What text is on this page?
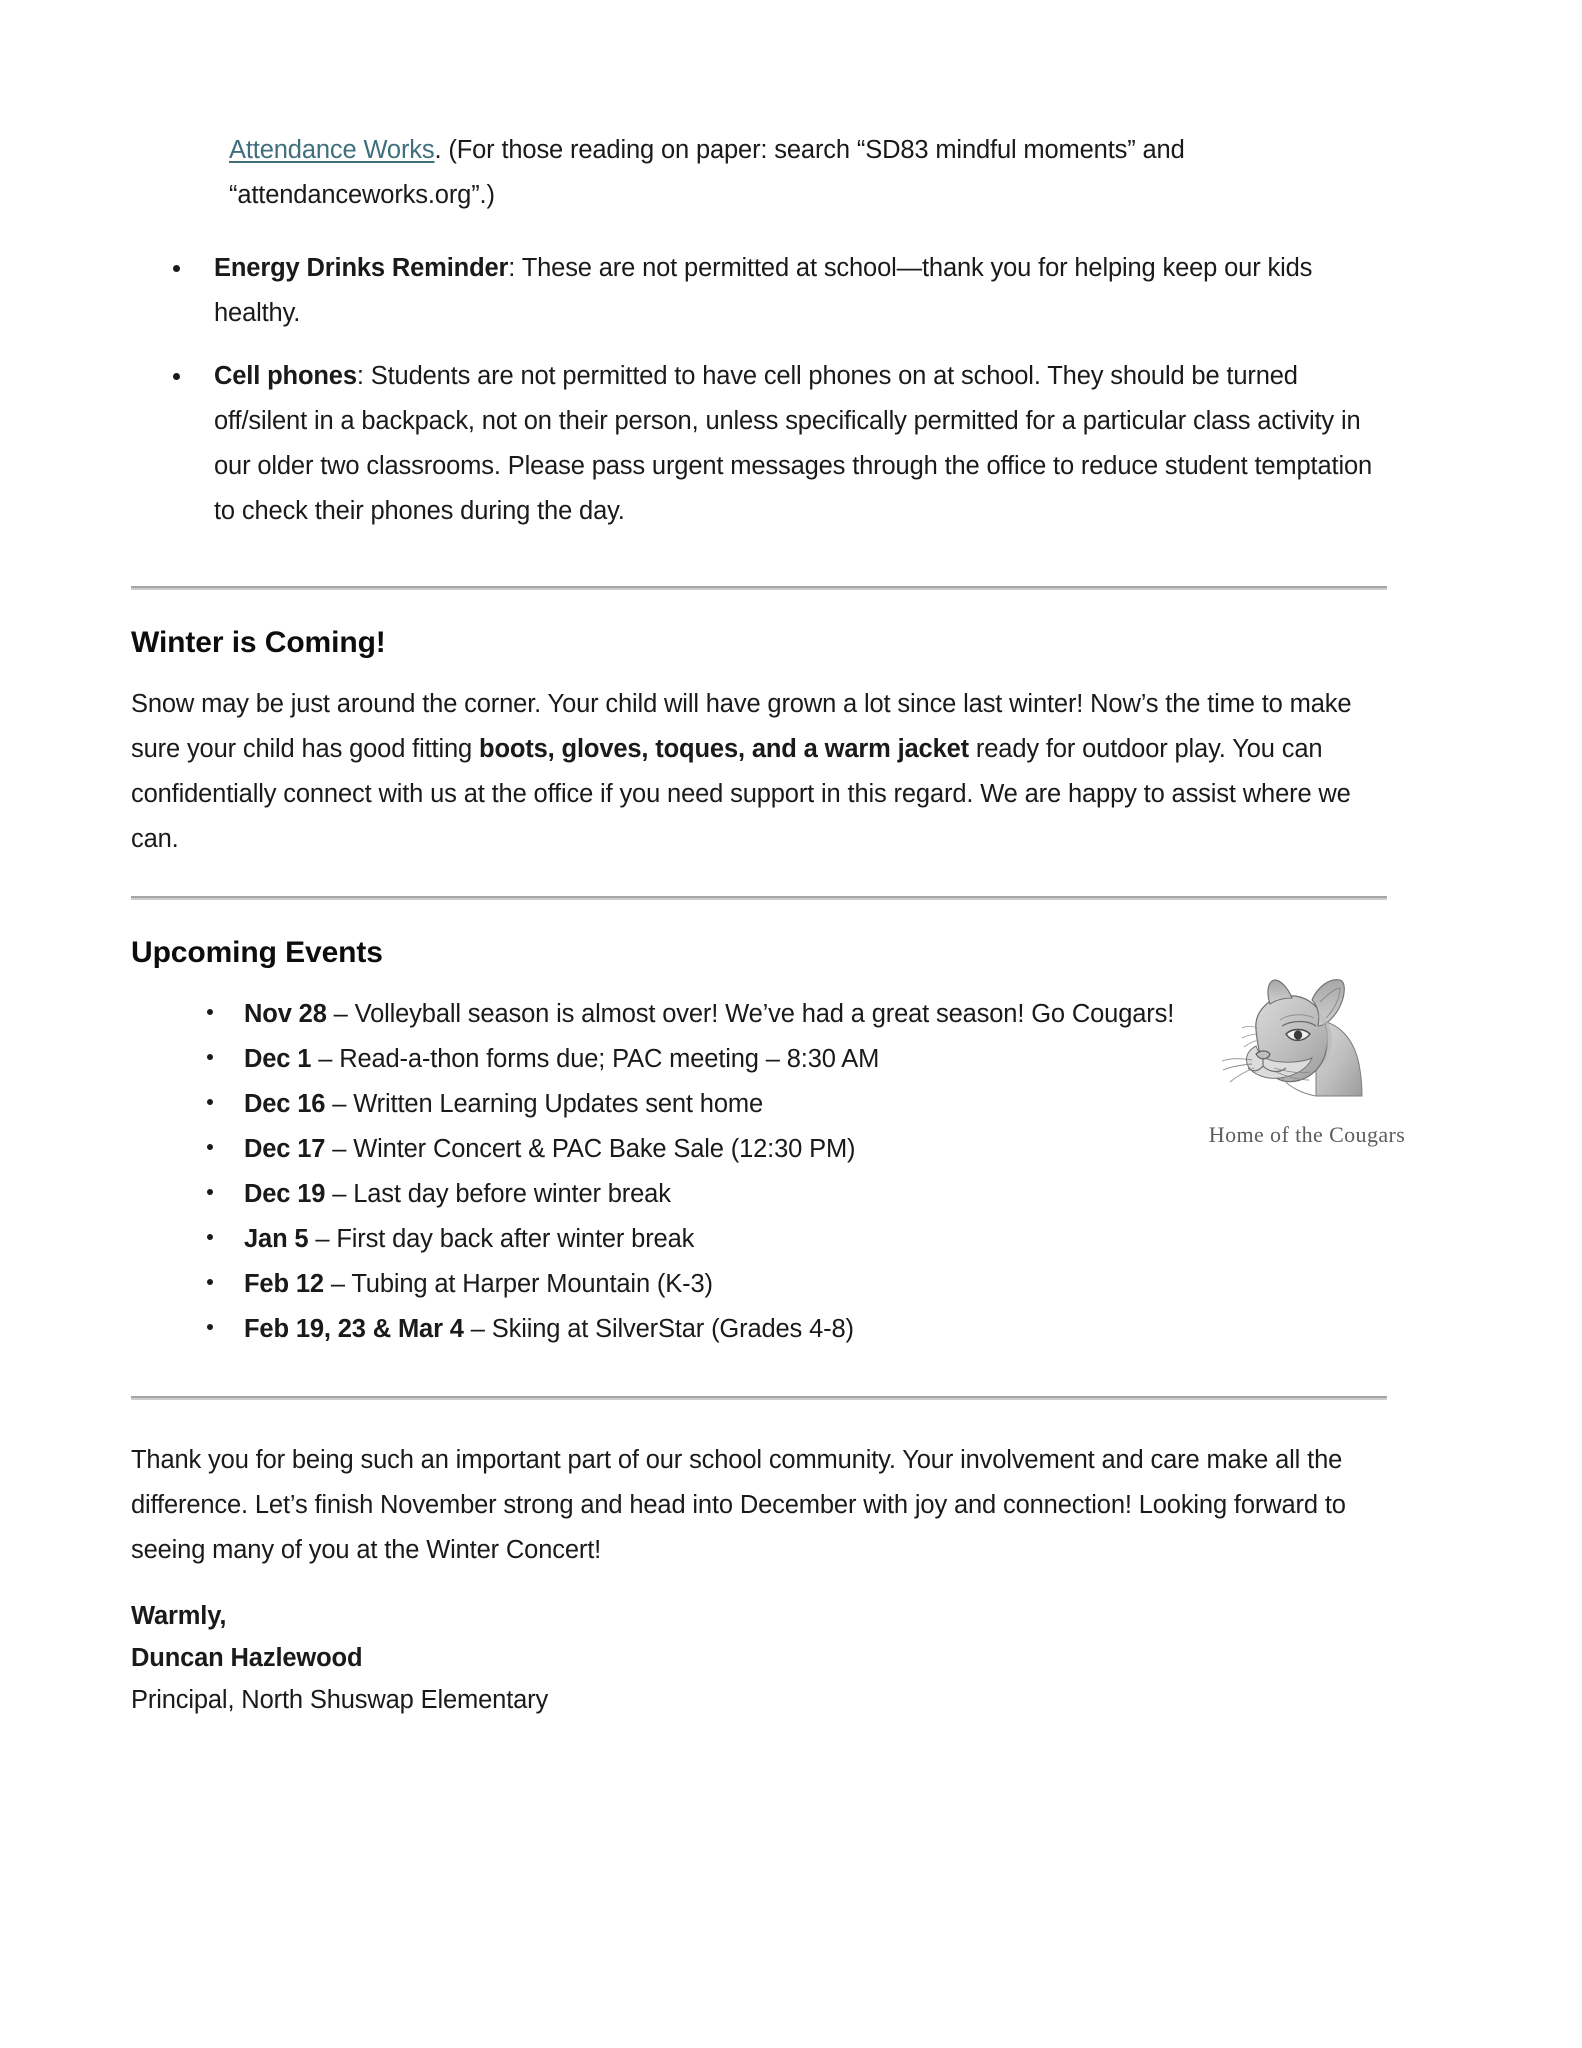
Attendance Works. (For those reading on paper: search “SD83 mindful moments” and “attendanceworks.org”.)
Energy Drinks Reminder: These are not permitted at school—thank you for helping keep our kids healthy.
Cell phones: Students are not permitted to have cell phones on at school. They should be turned off/silent in a backpack, not on their person, unless specifically permitted for a particular class activity in our older two classrooms. Please pass urgent messages through the office to reduce student temptation to check their phones during the day.
Winter is Coming!
Snow may be just around the corner. Your child will have grown a lot since last winter! Now’s the time to make sure your child has good fitting boots, gloves, toques, and a warm jacket ready for outdoor play. You can confidentially connect with us at the office if you need support in this regard. We are happy to assist where we can.
Upcoming Events
Nov 28 – Volleyball season is almost over! We’ve had a great season! Go Cougars!
Dec 1 – Read-a-thon forms due; PAC meeting – 8:30 AM
Dec 16 – Written Learning Updates sent home
Dec 17 – Winter Concert & PAC Bake Sale (12:30 PM)
Dec 19 – Last day before winter break
Jan 5 – First day back after winter break
Feb 12 – Tubing at Harper Mountain (K-3)
Feb 19, 23 & Mar 4 – Skiing at SilverStar (Grades 4-8)
Home of the Cougars
Thank you for being such an important part of our school community. Your involvement and care make all the difference. Let’s finish November strong and head into December with joy and connection! Looking forward to seeing many of you at the Winter Concert!
Warmly,
Duncan Hazlewood
Principal, North Shuswap Elementary
